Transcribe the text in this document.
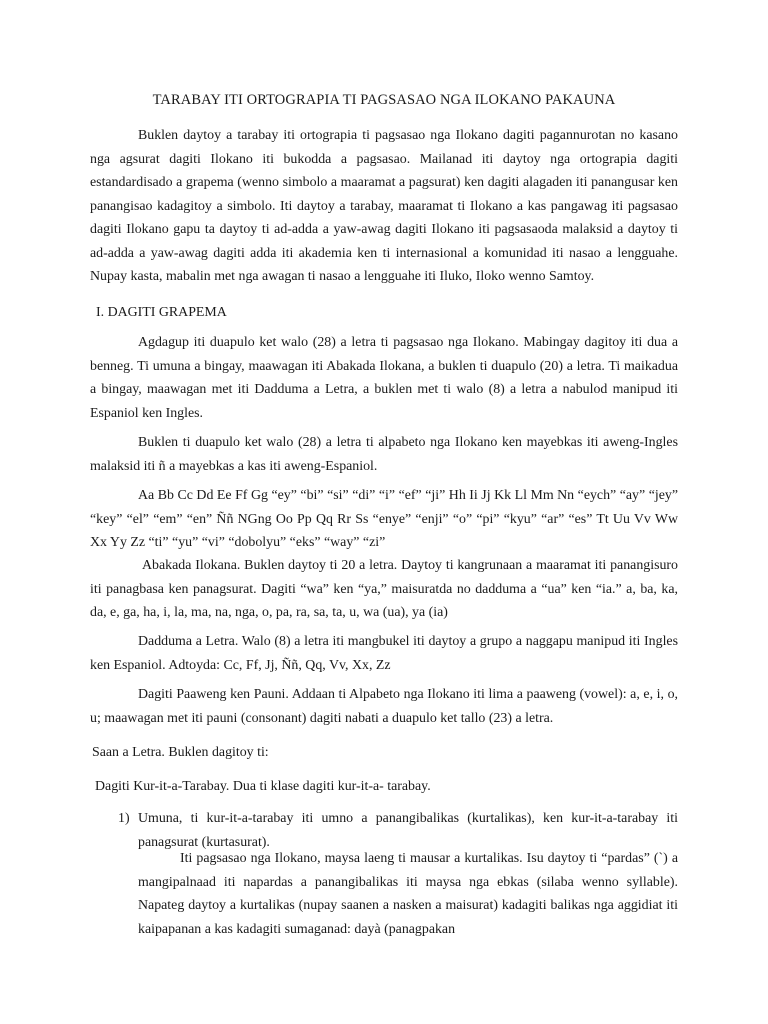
TARABAY ITI ORTOGRAPIA TI PAGSASAO NGA ILOKANO PAKAUNA

Buklen daytoy a tarabay iti ortograpia ti pagsasao nga Ilokano dagiti pagannurotan no kasano nga agsurat dagiti Ilokano iti bukodda a pagsasao. Mailanad iti daytoy nga ortograpia dagiti estandardisado a grapema (wenno simbolo a maaramat a pagsurat) ken dagiti alagaden iti panangusar ken panangisao kadagitoy a simbolo. Iti daytoy a tarabay, maaramat ti Ilokano a kas pangawag iti pagsasao dagiti Ilokano gapu ta daytoy ti ad-adda a yaw-awag dagiti Ilokano iti pagsasaoda malaksid a daytoy ti ad-adda a yaw-awag dagiti adda iti akademia ken ti internasional a komunidad iti nasao a lengguahe. Nupay kasta, mabalin met nga awagan ti nasao a lengguahe iti Iluko, Iloko wenno Samtoy.

I. DAGITI GRAPEMA

Agdagup iti duapulo ket walo (28) a letra ti pagsasao nga Ilokano. Mabingay dagitoy iti dua a benneg. Ti umuna a bingay, maawagan iti Abakada Ilokana, a buklen ti duapulo (20) a letra. Ti maikadua a bingay, maawagan met iti Dadduma a Letra, a buklen met ti walo (8) a letra a nabulod manipud iti Espaniol ken Ingles.

Buklen ti duapulo ket walo (28) a letra ti alpabeto nga Ilokano ken mayebkas iti aweng-Ingles malaksid iti ñ a mayebkas a kas iti aweng-Espaniol.

Aa Bb Cc Dd Ee Ff Gg “ey” “bi” “si” “di” “i” “ef” “ji” Hh Ii Jj Kk Ll Mm Nn “eych” “ay” “jey” “key” “el” “em” “en” Ññ NGng Oo Pp Qq Rr Ss “enye” “enji” “o” “pi” “kyu” “ar” “es” Tt Uu Vv Ww Xx Yy Zz “ti” “yu” “vi” “dobolyu” “eks” “way” “zi”

Abakada Ilokana. Buklen daytoy ti 20 a letra. Daytoy ti kangrunaan a maaramat iti panangisuro iti panagbasa ken panagsurat. Dagiti “wa” ken “ya,” maisuratda no dadduma a “ua” ken “ia.” a, ba, ka, da, e, ga, ha, i, la, ma, na, nga, o, pa, ra, sa, ta, u, wa (ua), ya (ia)

Dadduma a Letra. Walo (8) a letra iti mangbukel iti daytoy a grupo a naggapu manipud iti Ingles ken Espaniol. Adtoyda: Cc, Ff, Jj, Ññ, Qq, Vv, Xx, Zz

Dagiti Paaweng ken Pauni. Addaan ti Alpabeto nga Ilokano iti lima a paaweng (vowel): a, e, i, o, u; maawagan met iti pauni (consonant) dagiti nabati a duapulo ket tallo (23) a letra.

Saan a Letra. Buklen dagitoy ti:

Dagiti Kur-it-a-Tarabay. Dua ti klase dagiti kur-it-a- tarabay.

1) Umuna, ti kur-it-a-tarabay iti umno a panangibalikas (kurtalikas), ken kur-it-a-tarabay iti panagsurat (kurtasurat).

Iti pagsasao nga Ilokano, maysa laeng ti mausar a kurtalikas. Isu daytoy ti “pardas” (`) a mangipalnaad iti napardas a panangibalikas iti maysa nga ebkas (silaba wenno syllable). Napateg daytoy a kurtalikas (nupay saanen a nasken a maisurat) kadagiti balikas nga aggidiat iti kaipapanan a kas kadagiti sumaganad: dayà (panagpakan
